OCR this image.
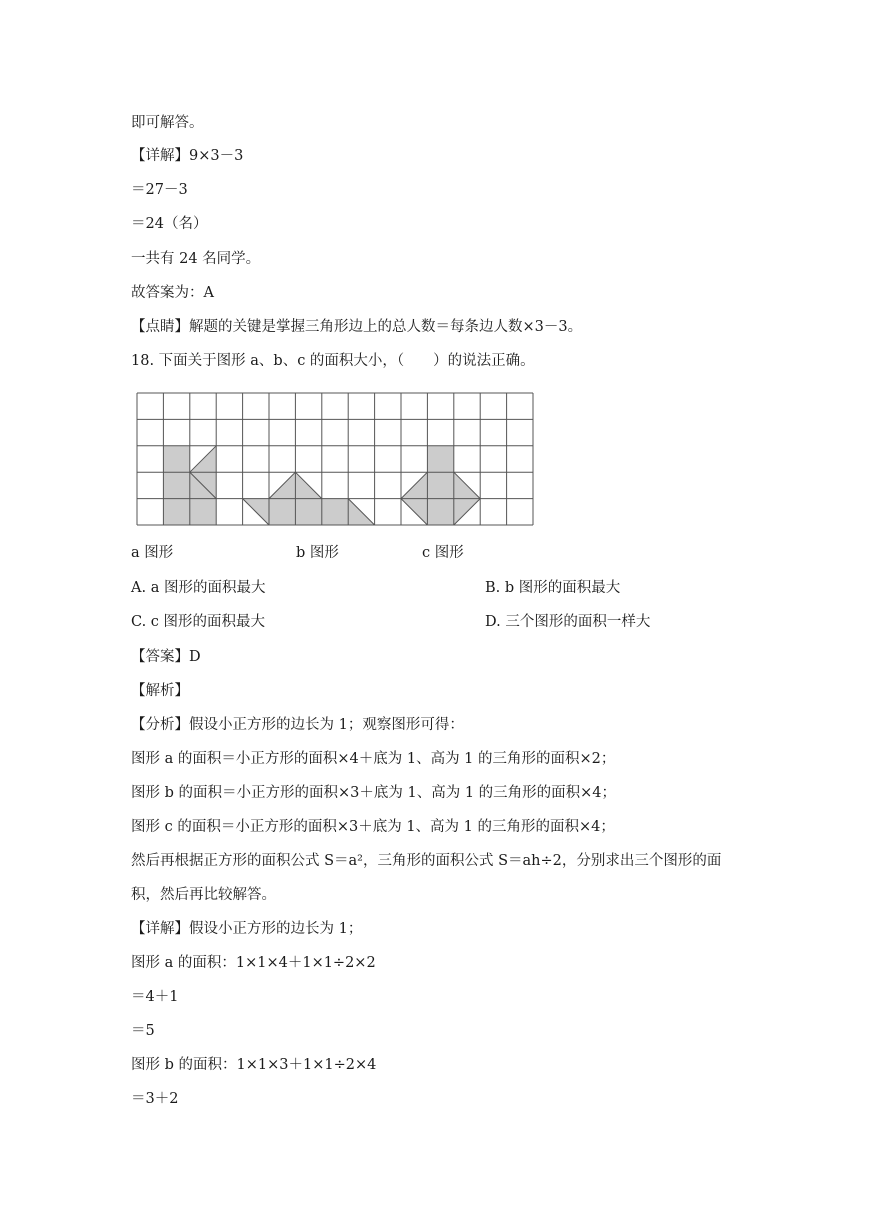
即可解答。
【详解】9×3－3
＝27－3
＝24（名）
一共有 24 名同学。
故答案为：A
【点睛】解题的关键是掌握三角形边上的总人数＝每条边人数×3－3。
18. 下面关于图形 a、b、c 的面积大小，（　　）的说法正确。
a 图形	b 图形	c 图形
A. a 图形的面积最大	B. b 图形的面积最大
C. c 图形的面积最大	D. 三个图形的面积一样大
【答案】D
【解析】
【分析】假设小正方形的边长为 1；观察图形可得：
图形 a 的面积＝小正方形的面积×4＋底为 1、高为 1 的三角形的面积×2；
图形 b 的面积＝小正方形的面积×3＋底为 1、高为 1 的三角形的面积×4；
图形 c 的面积＝小正方形的面积×3＋底为 1、高为 1 的三角形的面积×4；
然后再根据正方形的面积公式 S＝a²，三角形的面积公式 S＝ah÷2，分别求出三个图形的面
积，然后再比较解答。
【详解】假设小正方形的边长为 1；
图形 a 的面积：1×1×4＋1×1÷2×2
＝4＋1
＝5
图形 b 的面积：1×1×3＋1×1÷2×4
＝3＋2
